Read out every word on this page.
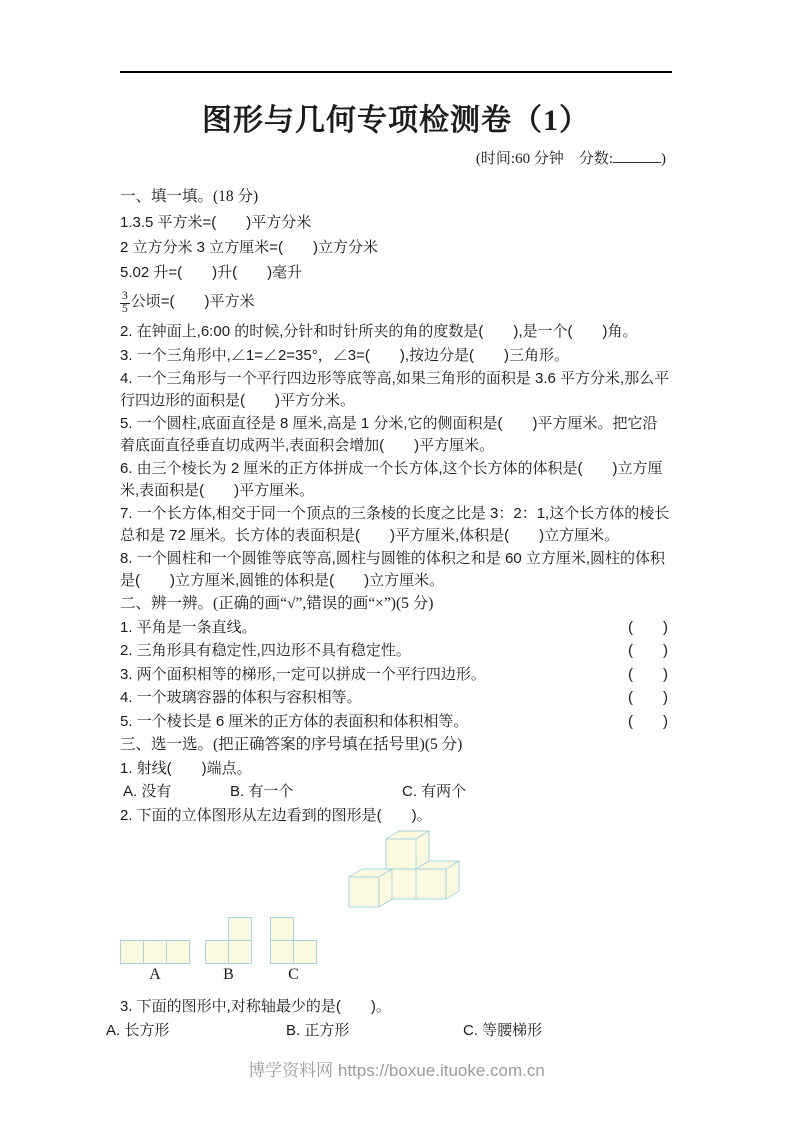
图形与几何专项检测卷（1）
(时间:60 分钟　分数:	)
一、填一填。(18 分)

1.3.5 平方米=(　　)平方分米

2 立方分米 3 立方厘米=(　　)立方分米

5.02 升=(　　)升(　　)毫升

$\frac{3}{5}$ 公顷=(　　)平方米

2. 在钟面上,6:00 的时候,分针和时针所夹的角的度数是(　　),是一个(　　)角。

3. 一个三角形中,∠1=∠2=35°，∠3=(　　),按边分是(　　)三角形。

4. 一个三角形与一个平行四边形等底等高,如果三角形的面积是 3.6 平方分米,那么平行四边形的面积是(　　)平方分米。

5. 一个圆柱,底面直径是 8 厘米,高是 1 分米,它的侧面积是(　　)平方厘米。把它沿着底面直径垂直切成两半,表面积会增加(　　)平方厘米。

6. 由三个棱长为 2 厘米的正方体拼成一个长方体,这个长方体的体积是(　　)立方厘米,表面积是(　　)平方厘米。

7. 一个长方体,相交于同一个顶点的三条棱的长度之比是 3：2：1,这个长方体的棱长总和是 72 厘米。长方体的表面积是(　　)平方厘米,体积是(　　)立方厘米。

8. 一个圆柱和一个圆锥等底等高,圆柱与圆锥的体积之和是 60 立方厘米,圆柱的体积是(　　)立方厘米,圆锥的体积是(　　)立方厘米。

二、辨一辨。(正确的画“√”,错误的画“×”)(5 分)
1. 平角是一条直线。	(　　)
2. 三角形具有稳定性,四边形不具有稳定性。	(　　)
3. 两个面积相等的梯形,一定可以拼成一个平行四边形。	(　　)
4. 一个玻璃容器的体积与容积相等。	(　　)
5. 一个棱长是 6 厘米的正方体的表面积和体积相等。	(　　)
三、选一选。(把正确答案的序号填在括号里)(5 分)

1. 射线(　　)端点。

A. 没有	B. 有一个	C. 有两个

2. 下面的立体图形从左边看到的图形是(　　)。

A	B	C

3. 下面的图形中,对称轴最少的是(　　)。

A. 长方形	B. 正方形	C. 等腰梯形
博学资料网 https://boxue.ituoke.com.cn
